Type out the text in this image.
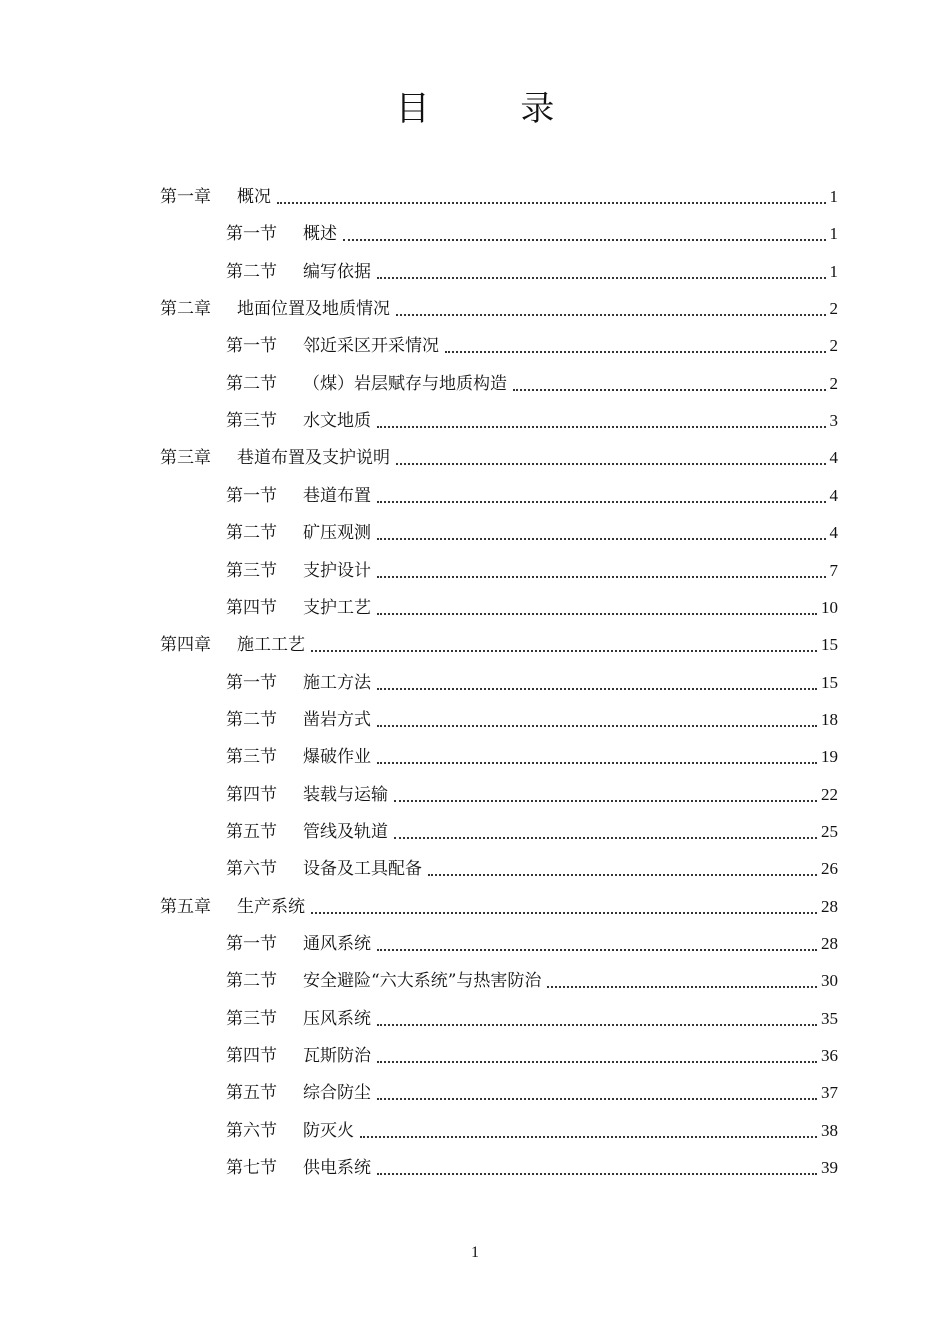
目 录
第一章	概况	1
第一节	概述	1
第二节	编写依据	1
第二章	地面位置及地质情况	2
第一节	邻近采区开采情况	2
第二节	（煤）岩层赋存与地质构造	2
第三节	水文地质	3
第三章	巷道布置及支护说明	4
第一节	巷道布置	4
第二节	矿压观测	4
第三节	支护设计	7
第四节	支护工艺	10
第四章	施工工艺	15
第一节	施工方法	15
第二节	凿岩方式	18
第三节	爆破作业	19
第四节	装载与运输	22
第五节	管线及轨道	25
第六节	设备及工具配备	26
第五章	生产系统	28
第一节	通风系统	28
第二节	安全避险“六大系统”与热害防治	30
第三节	压风系统	35
第四节	瓦斯防治	36
第五节	综合防尘	37
第六节	防灭火	38
第七节	供电系统	39
1
